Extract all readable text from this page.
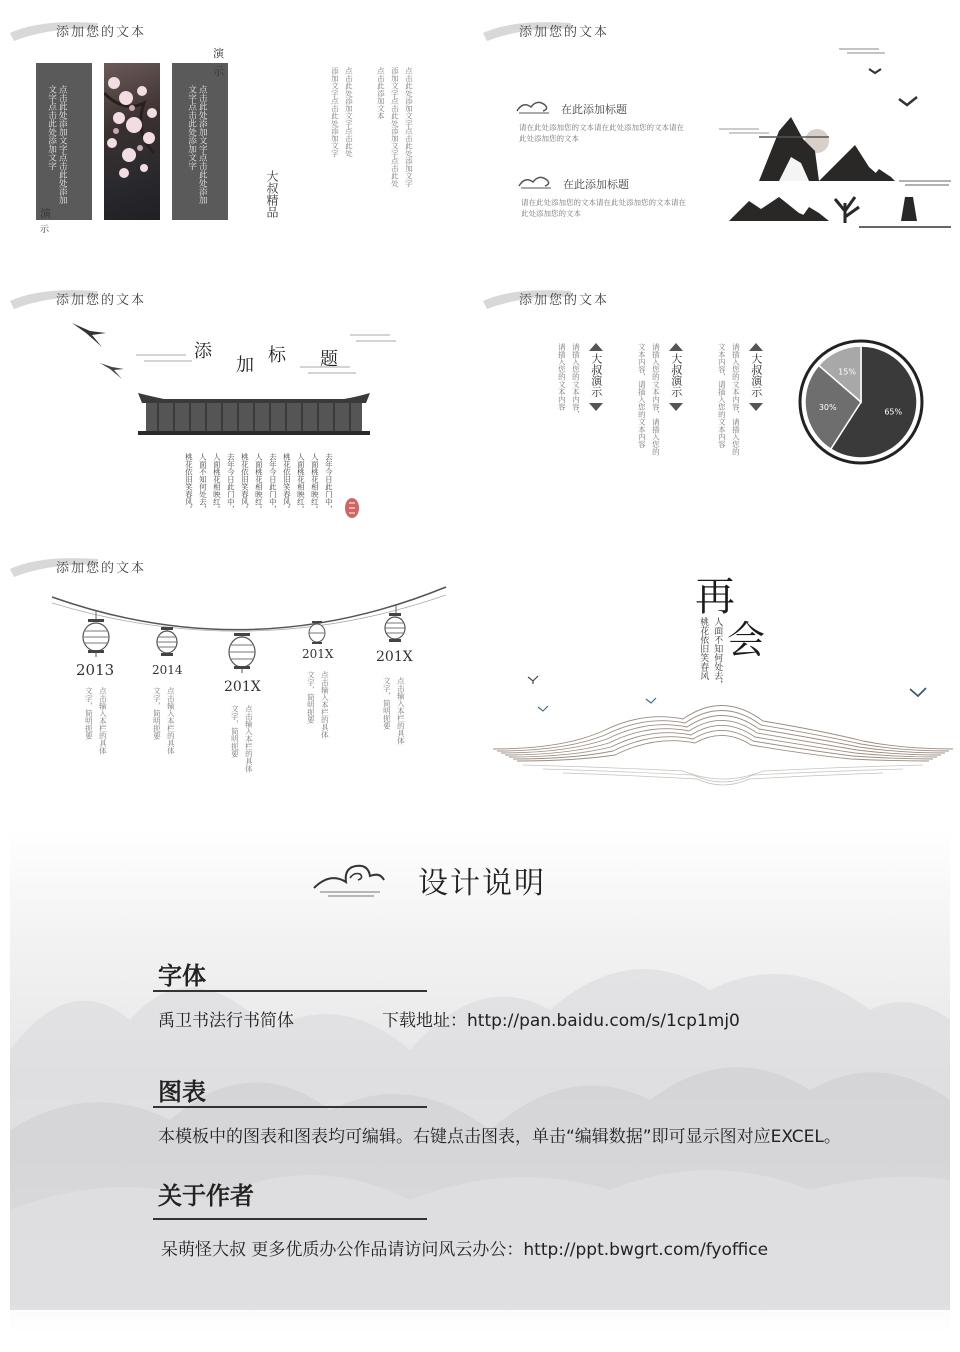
添加您的文本
点击此处添加文字点击此处添加文字点击此处添加文字	点击此处添加文字点击此处添加文字点击此处添加文字
演
示
演
示
大叔精品
点击此处添加文字点击此处
添加文字点击此处添加文字	点击此添加文本	点击此处添加文字点击此处添加文字
添加文字点击此处添加文字点击此处
添加您的文本
在此添加标题
请在此处添加您的文本请在此处添加您的文本请在此处添加您的文本
在此添加标题
请在此处添加您的文本请在此处添加您的文本请在此处添加您的文本
添加您的文本
添
加 标 题
去年今日此门中，
人面桃花相映红。
人面桃花相映红。
桃花依旧笑春风。
去年今日此门中，
人面桃花相映红。
桃花依旧笑春风。
去年今日此门中，
人面桃花相映红。
人面不知何处去，
桃花依旧笑春风。
添加您的文本
请插入您的文本内容 请插入您的文本内容， 大叔演示	文本内容，请插入您的文本内容 请插入您的文本内容，请插入您的 大叔演示	文本内容，请插入您的文本内容 请插入您的文本内容，请插入您的 大叔演示
65%
30%
15%
添加您的文本
2013	2014
201X
201X	201X
点击输入本栏的具体
文字，简明扼要	点击输入本栏的具体
文字，简明扼要	点击输入本栏的具体
文字，简明扼要	点击输入本栏的具体
文字，简明扼要	点击输入本栏的具体
文字，简明扼要
再
会
人面不知何处去，
桃花依旧笑春风
设计说明
字体
禹卫书法行书简体	下载地址：http://pan.baidu.com/s/1cp1mj0
图表
本模板中的图表和图表均可编辑。右键点击图表，单击“编辑数据”即可显示图对应EXCEL。
关于作者
呆萌怪大叔 更多优质办公作品请访问风云办公：http://ppt.bwgrt.com/fyoffice
